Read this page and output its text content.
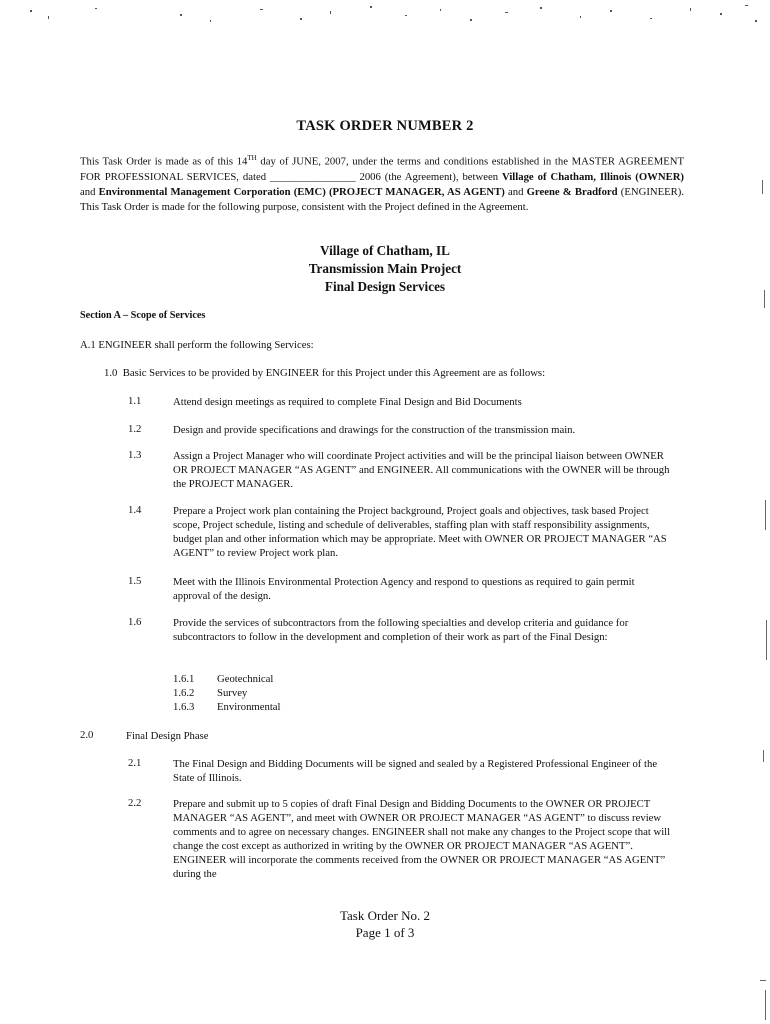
TASK ORDER NUMBER 2
This Task Order is made as of this 14TH day of JUNE, 2007, under the terms and conditions established in the MASTER AGREEMENT FOR PROFESSIONAL SERVICES, dated ________________ 2006 (the Agreement), between Village of Chatham, Illinois (OWNER) and Environmental Management Corporation (EMC) (PROJECT MANAGER, AS AGENT) and Greene & Bradford (ENGINEER). This Task Order is made for the following purpose, consistent with the Project defined in the Agreement.
Village of Chatham, IL
Transmission Main Project
Final Design Services
Section A – Scope of Services
A.1 ENGINEER shall perform the following Services:
1.0 Basic Services to be provided by ENGINEER for this Project under this Agreement are as follows:
1.1	Attend design meetings as required to complete Final Design and Bid Documents
1.2	Design and provide specifications and drawings for the construction of the transmission main.
1.3	Assign a Project Manager who will coordinate Project activities and will be the principal liaison between OWNER OR PROJECT MANAGER “AS AGENT” and ENGINEER. All communications with the OWNER will be through the PROJECT MANAGER.
1.4	Prepare a Project work plan containing the Project background, Project goals and objectives, task based Project scope, Project schedule, listing and schedule of deliverables, staffing plan with staff responsibility assignments, budget plan and other information which may be appropriate. Meet with OWNER OR PROJECT MANAGER “AS AGENT” to review Project work plan.
1.5	Meet with the Illinois Environmental Protection Agency and respond to questions as required to gain permit approval of the design.
1.6	Provide the services of subcontractors from the following specialties and develop criteria and guidance for subcontractors to follow in the development and completion of their work as part of the Final Design:
1.6.1 Geotechnical
1.6.2 Survey
1.6.3 Environmental
2.0	Final Design Phase
2.1	The Final Design and Bidding Documents will be signed and sealed by a Registered Professional Engineer of the State of Illinois.
2.2	Prepare and submit up to 5 copies of draft Final Design and Bidding Documents to the OWNER OR PROJECT MANAGER “AS AGENT”, and meet with OWNER OR PROJECT MANAGER “AS AGENT” to discuss review comments and to agree on necessary changes. ENGINEER shall not make any changes to the Project scope that will change the cost except as authorized in writing by the OWNER OR PROJECT MANAGER “AS AGENT”. ENGINEER will incorporate the comments received from the OWNER OR PROJECT MANAGER “AS AGENT” during the
Task Order No. 2
Page 1 of 3
